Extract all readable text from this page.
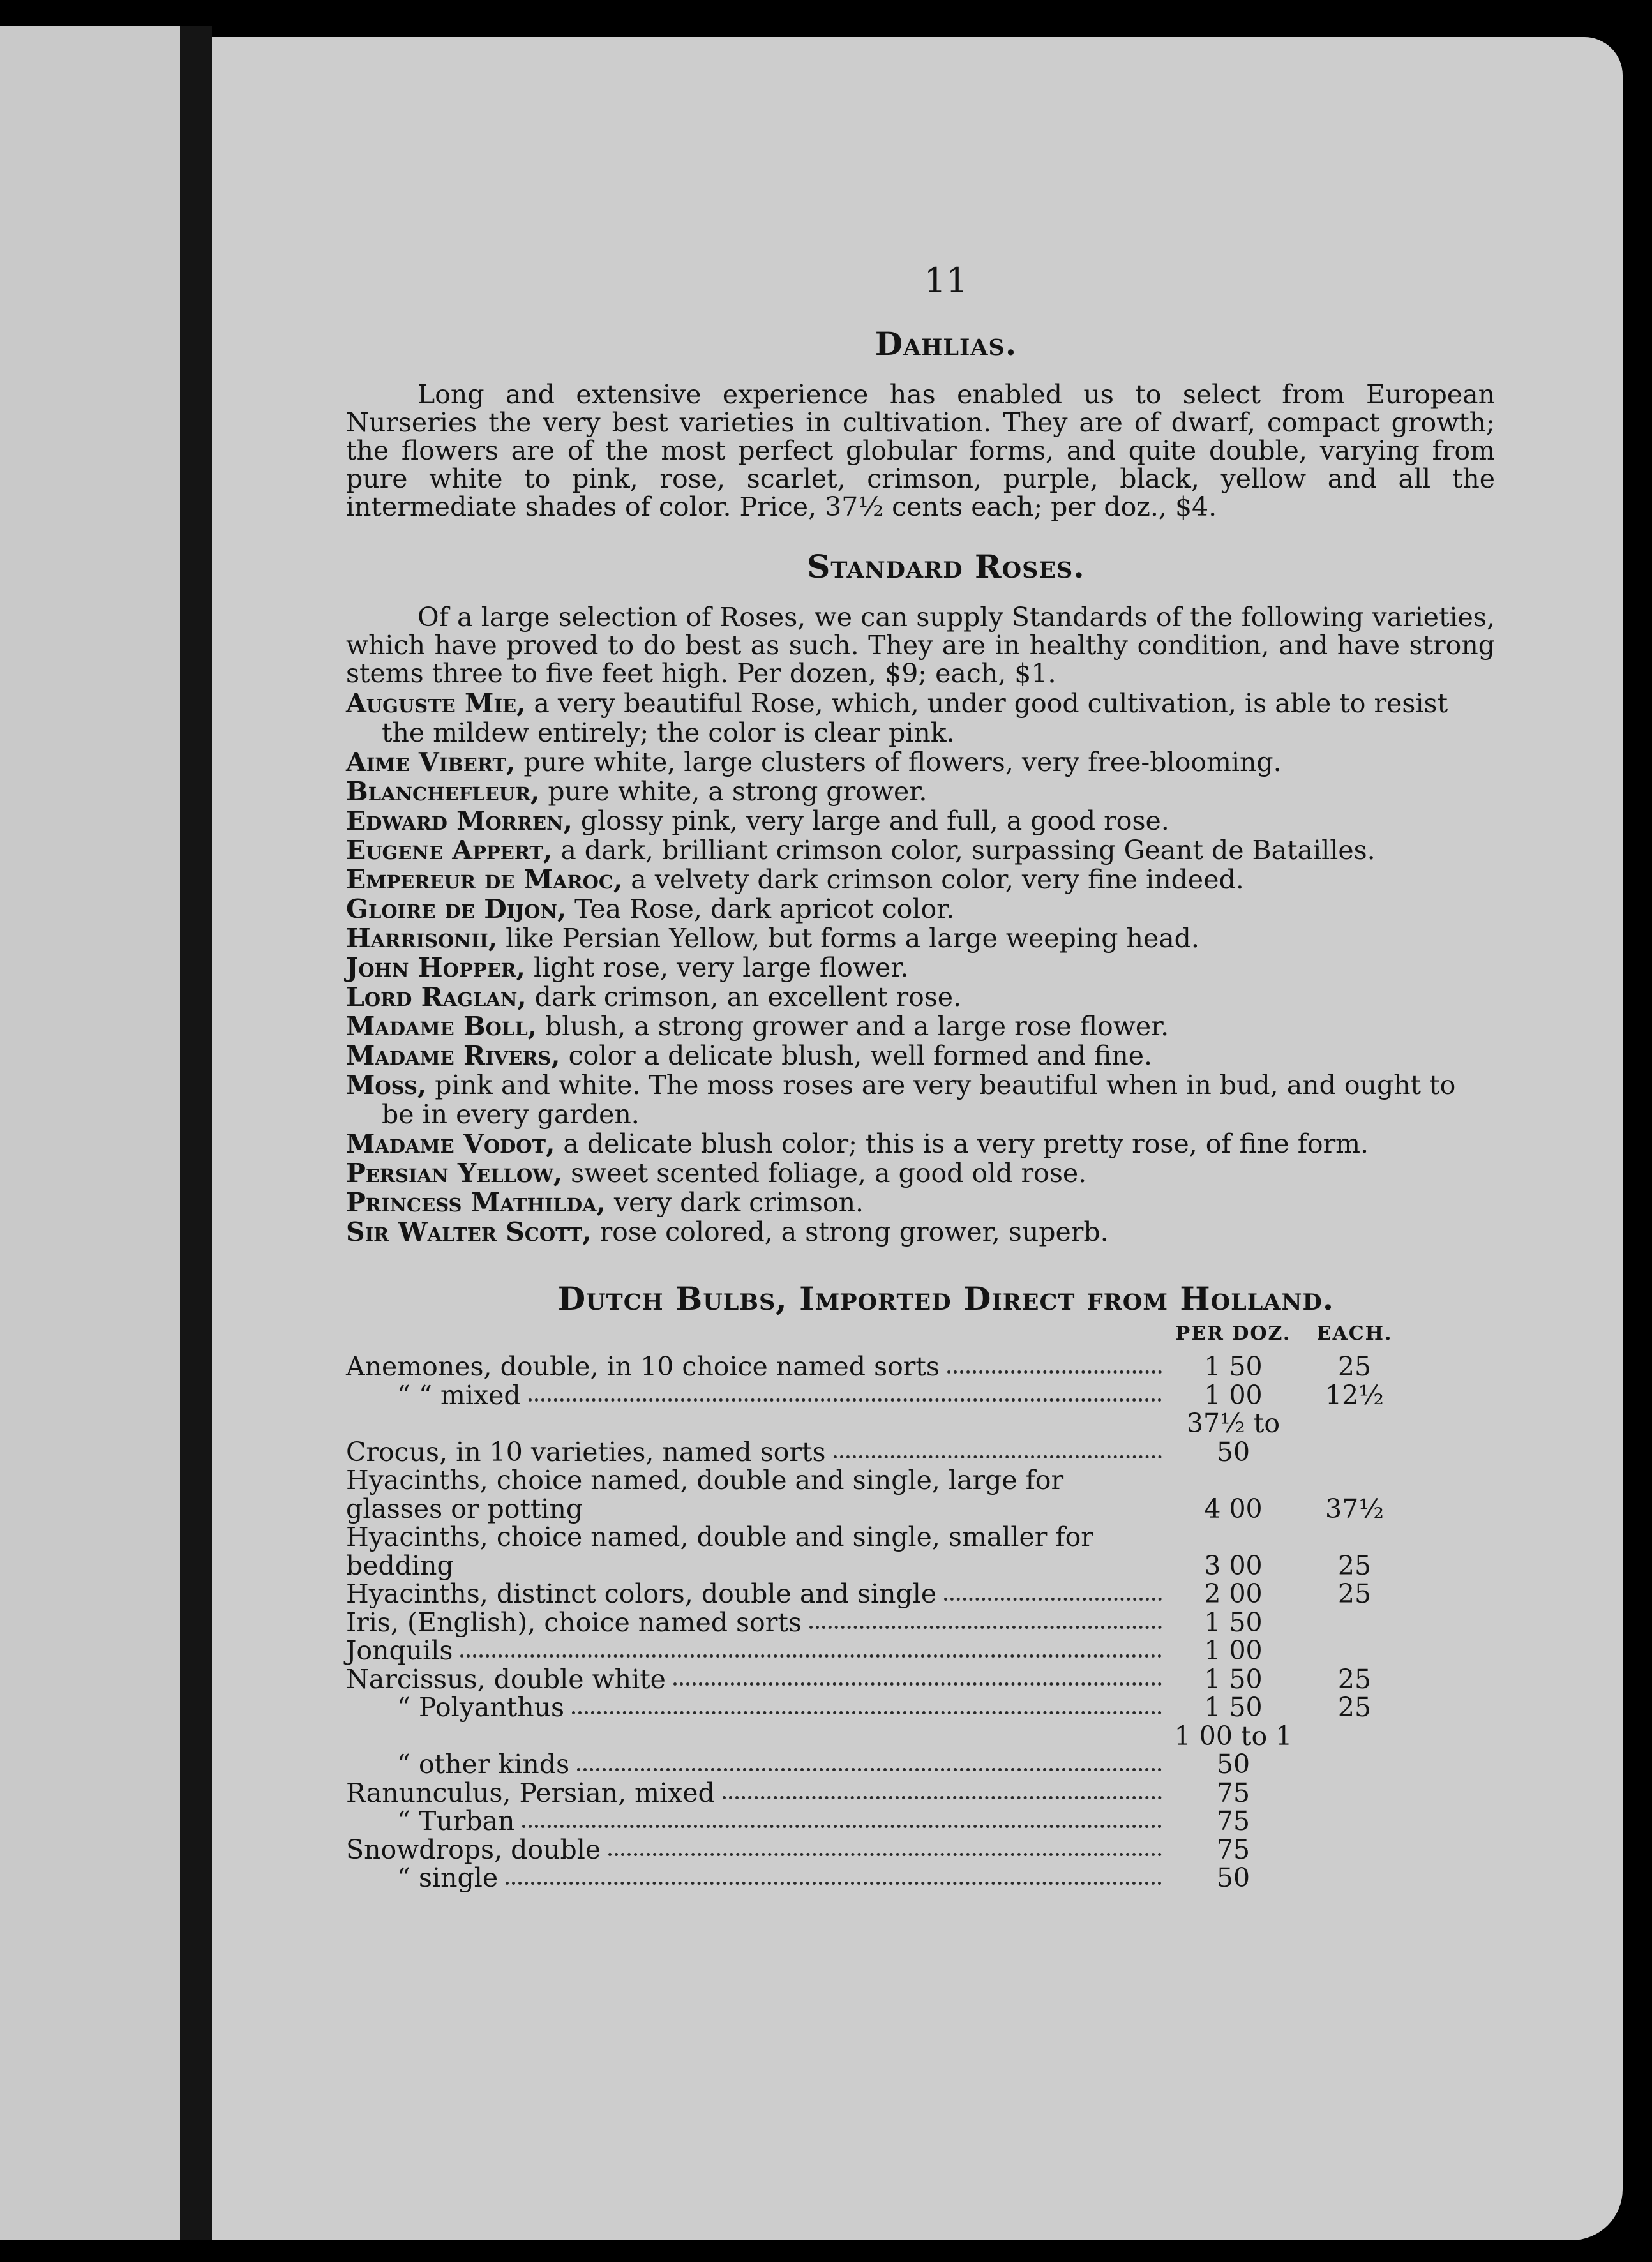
11
Dahlias.

Long and extensive experience has enabled us to select from European Nurseries the very best varieties in cultivation. They are of dwarf, compact growth; the flowers are of the most perfect globular forms, and quite double, varying from pure white to pink, rose, scarlet, crimson, purple, black, yellow and all the intermediate shades of color. Price, 37½ cents each; per doz., $4.

Standard Roses.

Of a large selection of Roses, we can supply Standards of the following varieties, which have proved to do best as such. They are in healthy condition, and have strong stems three to five feet high. Per dozen, $9; each, $1.

Auguste Mie, a very beautiful Rose, which, under good cultivation, is able to resist the mildew entirely; the color is clear pink.
Aime Vibert, pure white, large clusters of flowers, very free-blooming.
Blanchefleur, pure white, a strong grower.
Edward Morren, glossy pink, very large and full, a good rose.
Eugene Appert, a dark, brilliant crimson color, surpassing Geant de Batailles.
Empereur de Maroc, a velvety dark crimson color, very fine indeed.
Gloire de Dijon, Tea Rose, dark apricot color.
Harrisonii, like Persian Yellow, but forms a large weeping head.
John Hopper, light rose, very large flower.
Lord Raglan, dark crimson, an excellent rose.
Madame Boll, blush, a strong grower and a large rose flower.
Madame Rivers, color a delicate blush, well formed and fine.
Moss, pink and white. The moss roses are very beautiful when in bud, and ought to be in every garden.
Madame Vodot, a delicate blush color; this is a very pretty rose, of fine form.
Persian Yellow, sweet scented foliage, a good old rose.
Princess Mathilda, very dark crimson.
Sir Walter Scott, rose colored, a strong grower, superb.
Dutch Bulbs, Imported Direct from Holland.
	PER DOZ.	EACH.

Anemones, double, in 10 choice named sorts	1 50	25

“ “ mixed	1 00	12½

Crocus, in 10 varieties, named sorts	37½ to 50	

Hyacinths, choice named, double and single, large for glasses or potting	4 00	37½

Hyacinths, choice named, double and single, smaller for bedding	3 00	25

Hyacinths, distinct colors, double and single	2 00	25

Iris, (English), choice named sorts	1 50	

Jonquils	1 00	

Narcissus, double white	1 50	25

“ Polyanthus	1 50	25

“ other kinds	1 00 to 1 50	

Ranunculus, Persian, mixed	75	

“ Turban	75	

Snowdrops, double	75	

“ single	50	
